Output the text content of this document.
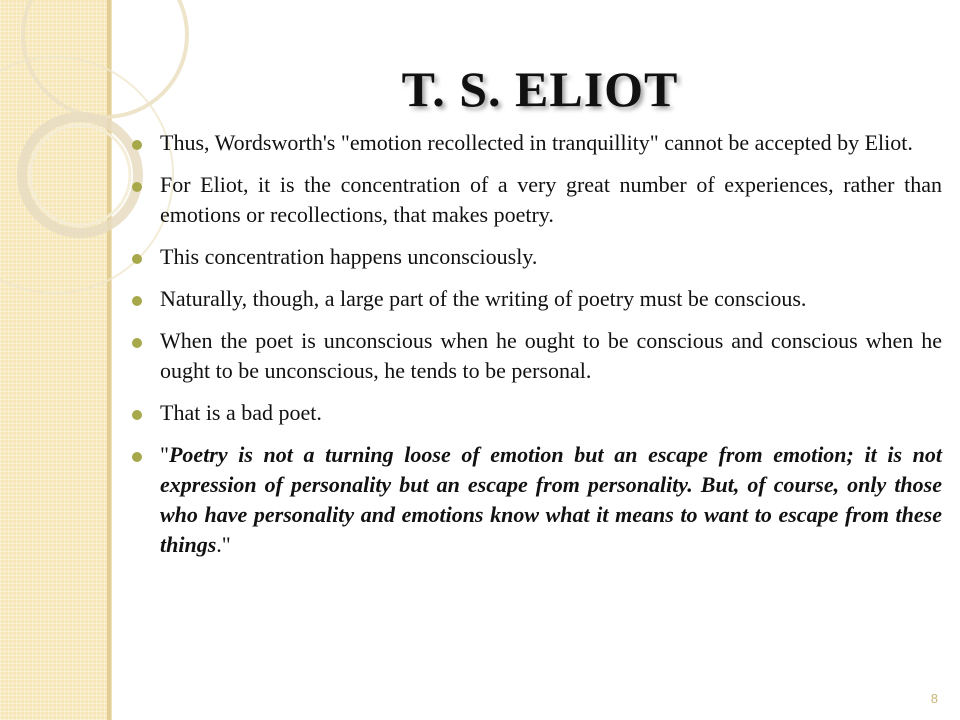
T. S. ELIOT
Thus, Wordsworth's "emotion recollected in tranquillity" cannot be accepted by Eliot.
For Eliot, it is the concentration of a very great number of experiences, rather than emotions or recollections, that makes poetry.
This concentration happens unconsciously.
Naturally, though, a large part of the writing of poetry must be conscious.
When the poet is unconscious when he ought to be conscious and conscious when he ought to be unconscious, he tends to be personal.
That is a bad poet.
"Poetry is not a turning loose of emotion but an escape from emotion; it is not expression of personality but an escape from personality. But, of course, only those who have personality and emotions know what it means to want to escape from these things."
8
